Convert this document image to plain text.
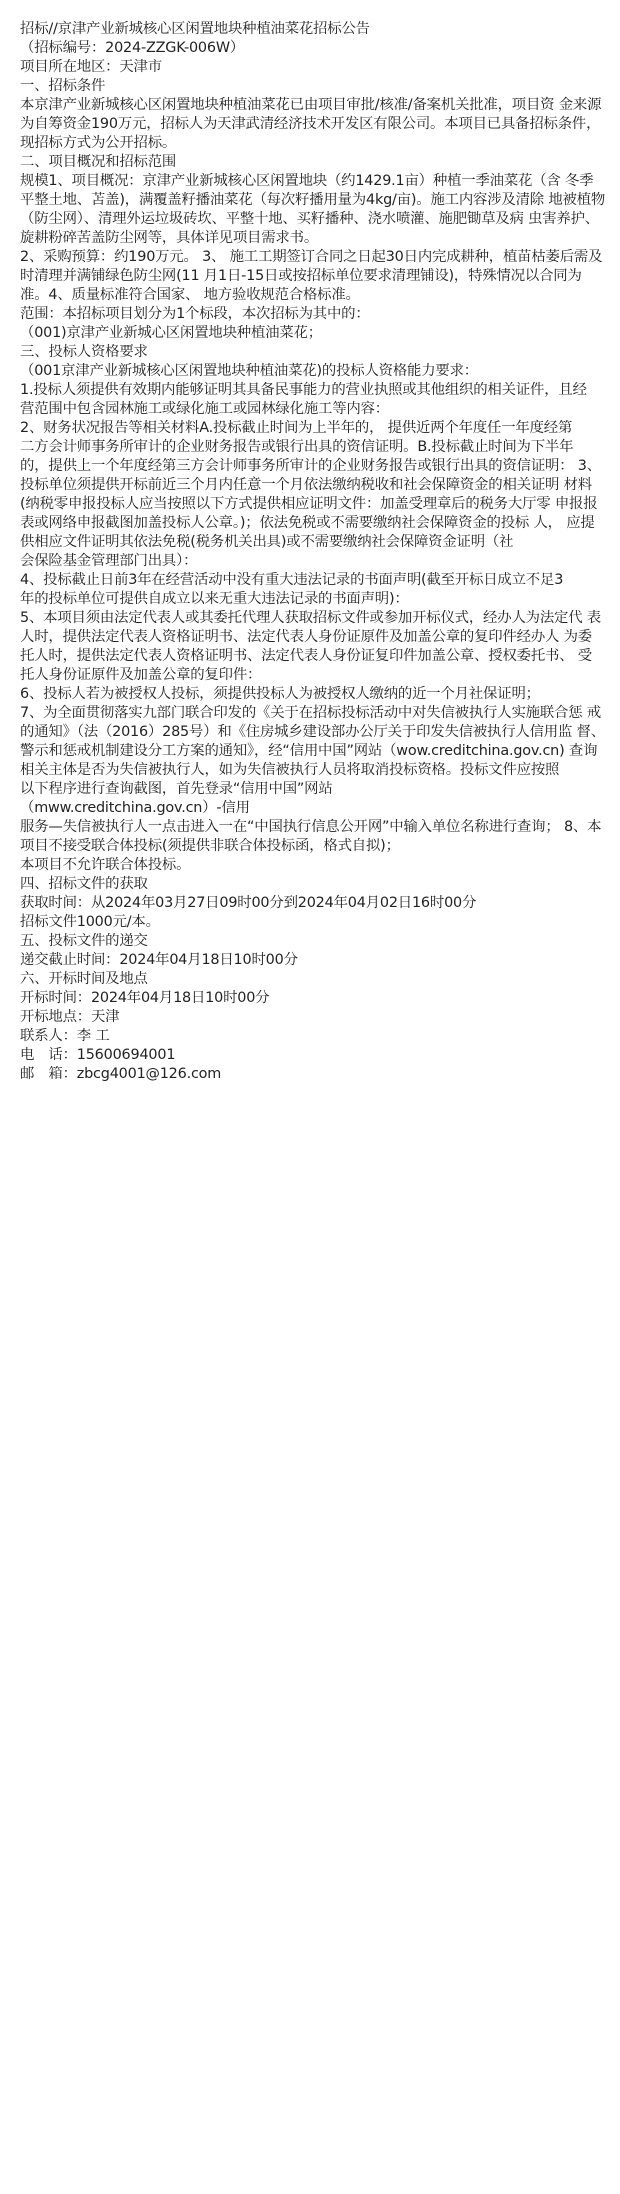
招标//京津产业新城核心区闲置地块种植油菜花招标公告

（招标编号：2024-ZZGK-006W）

项目所在地区：天津市

一、招标条件

本京津产业新城核心区闲置地块种植油菜花已由项目审批/核准/备案机关批准，项目资 金来源为自筹资金190万元，招标人为天津武清经济技术开发区有限公司。本项目已具备招标条件，现招标方式为公开招标。

二、项目概况和招标范围

规模1、项目概况：京津产业新城核心区闲置地块（约1429.1亩）种植一季油菜花（含 冬季平整土地、苫盖)，满覆盖籽播油菜花（每次籽播用量为4kg/亩)。施工内容涉及清除 地被植物（防尘网）、清理外运垃圾砖坎、平整十地、买籽播种、浇水喷灌、施肥锄草及病 虫害养护、旋耕粉碎苦盖防尘网等，具体详见项目需求书。

2、采购预算：约190万元。 3、 施工工期签订合同之日起30日内完成耕种，植苗枯萎后需及时清理并满铺绿色防尘网(11 月1日-15日或按招标单位要求清理铺设)，特殊情况以合同为准。4、质量标准符合国家、 地方验收规范合格标准。

范围：本招标项目划分为1个标段，本次招标为其中的：

（001)京津产业新城心区闲置地块种植油菜花；

三、投标人资格要求

（001京津产业新城核心区闲置地块种植油菜花)的投标人资格能力要求：

1.投标人须提供有效期内能够证明其具备民事能力的营业执照或其他组织的相关证件，且经

营范围中包含园林施工或绿化施工或园林绿化施工等内容：

2、财务状况报告等相关材料A.投标截止时间为上半年的， 提供近两个年度任一年度经第

二方会计师事务所审计的企业财务报告或银行出具的资信证明。B.投标截止时间为下半年 的，提供上一个年度经第三方会计师事务所审计的企业财务报告或银行出具的资信证明： 3、投标单位须提供开标前近三个月内任意一个月依法缴纳税收和社会保障资金的相关证明 材料(纳税零申报投标人应当按照以下方式提供相应证明文件：加盖受理章后的税务大厅零 申报报表或网络申报截图加盖投标人公章。)；依法免税或不需要缴纳社会保障资金的投标 人， 应提供相应文件证明其依法免税(税务机关出具)或不需要缴纳社会保障资金证明（社

会保险基金管理部门出具）：

4、投标截止日前3年在经营活动中没有重大违法记录的书面声明(截至开标日成立不足3

年的投标单位可提供自成立以来无重大违法记录的书面声明)：

5、本项目须由法定代表人或其委托代理人获取招标文件或参加开标仪式，经办人为法定代 表人时，提供法定代表人资格证明书、法定代表人身份证原件及加盖公章的复印件经办人 为委托人时，提供法定代表人资格证明书、法定代表人身份证复印件加盖公章、授权委托书、 受托人身份证原件及加盖公章的复印件：

6、投标人若为被授权人投标，须提供投标人为被授权人缴纳的近一个月社保证明；

7、为全面贯彻落实九部门联合印发的《关于在招标投标活动中对失信被执行人实施联合惩 戒的通知》（法（2016）285号）和《住房城乡建设部办公厅关于印发失信被执行人信用监 督、警示和惩戒机制建设分工方案的通知》，经“信用中国”网站（wow.creditchina.gov.cn) 查询相关主体是否为失信被执行人，如为失信被执行人员将取消投标资格。投标文件应按照

以下程序进行查询截图，首先登录“信用中国”网站

（mww.creditchina.gov.cn）-信用

服务—失信被执行人一点击进入一在“中国执行信息公开网”中输入单位名称进行查询； 8、本项目不接受联合体投标(须提供非联合体投标函，格式自拟)；

本项目不允许联合体投标。

四、招标文件的获取

获取时间：从2024年03月27日09时00分到2024年04月02日16时00分

招标文件1000元/本。

五、投标文件的递交

递交截止时间：2024年04月18日10时00分

六、开标时间及地点

开标时间：2024年04月18日10时00分

开标地点：天津

联系人：李 工

电　话：15600694001

邮　箱：zbcg4001@126.com
